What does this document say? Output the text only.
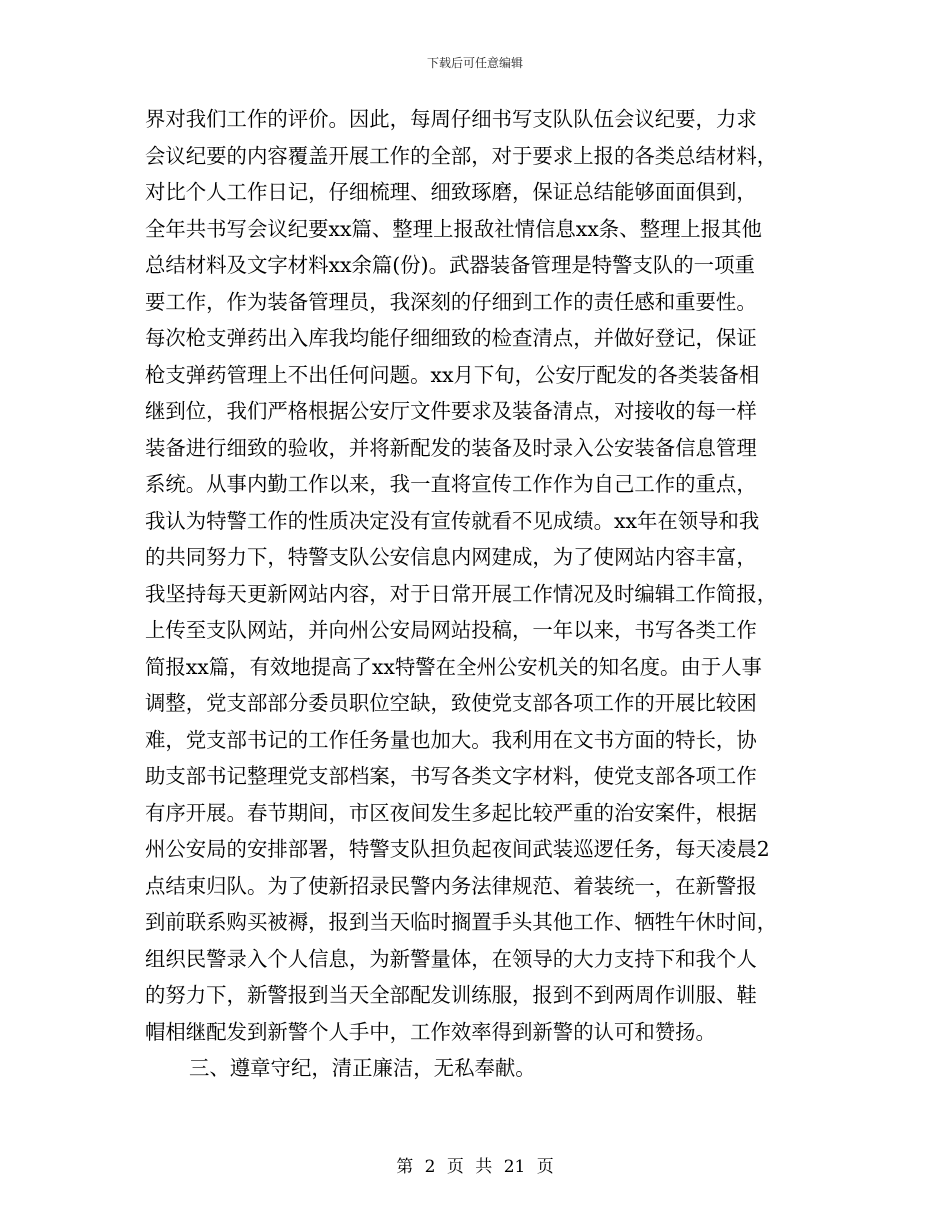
下载后可任意编辑
界对我们工作的评价。因此，每周仔细书写支队队伍会议纪要，力求
会议纪要的内容覆盖开展工作的全部，对于要求上报的各类总结材料，
对比个人工作日记，仔细梳理、细致琢磨，保证总结能够面面俱到，
全年共书写会议纪要xx篇、整理上报敌社情信息xx条、整理上报其他
总结材料及文字材料xx余篇(份)。武器装备管理是特警支队的一项重
要工作，作为装备管理员，我深刻的仔细到工作的责任感和重要性。
每次枪支弹药出入库我均能仔细细致的检查清点，并做好登记，保证
枪支弹药管理上不出任何问题。xx月下旬，公安厅配发的各类装备相
继到位，我们严格根据公安厅文件要求及装备清点，对接收的每一样
装备进行细致的验收，并将新配发的装备及时录入公安装备信息管理
系统。从事内勤工作以来，我一直将宣传工作作为自己工作的重点，
我认为特警工作的性质决定没有宣传就看不见成绩。xx年在领导和我
的共同努力下，特警支队公安信息内网建成，为了使网站内容丰富，
我坚持每天更新网站内容，对于日常开展工作情况及时编辑工作简报，
上传至支队网站，并向州公安局网站投稿，一年以来，书写各类工作
简报xx篇，有效地提高了xx特警在全州公安机关的知名度。由于人事
调整，党支部部分委员职位空缺，致使党支部各项工作的开展比较困
难，党支部书记的工作任务量也加大。我利用在文书方面的特长，协
助支部书记整理党支部档案，书写各类文字材料，使党支部各项工作
有序开展。春节期间，市区夜间发生多起比较严重的治安案件，根据
州公安局的安排部署，特警支队担负起夜间武装巡逻任务，每天凌晨2
点结束归队。为了使新招录民警内务法律规范、着装统一，在新警报
到前联系购买被褥，报到当天临时搁置手头其他工作、牺牲午休时间，
组织民警录入个人信息，为新警量体，在领导的大力支持下和我个人
的努力下，新警报到当天全部配发训练服，报到不到两周作训服、鞋
帽相继配发到新警个人手中，工作效率得到新警的认可和赞扬。
三、遵章守纪，清正廉洁，无私奉献。
第 2 页 共 21 页
